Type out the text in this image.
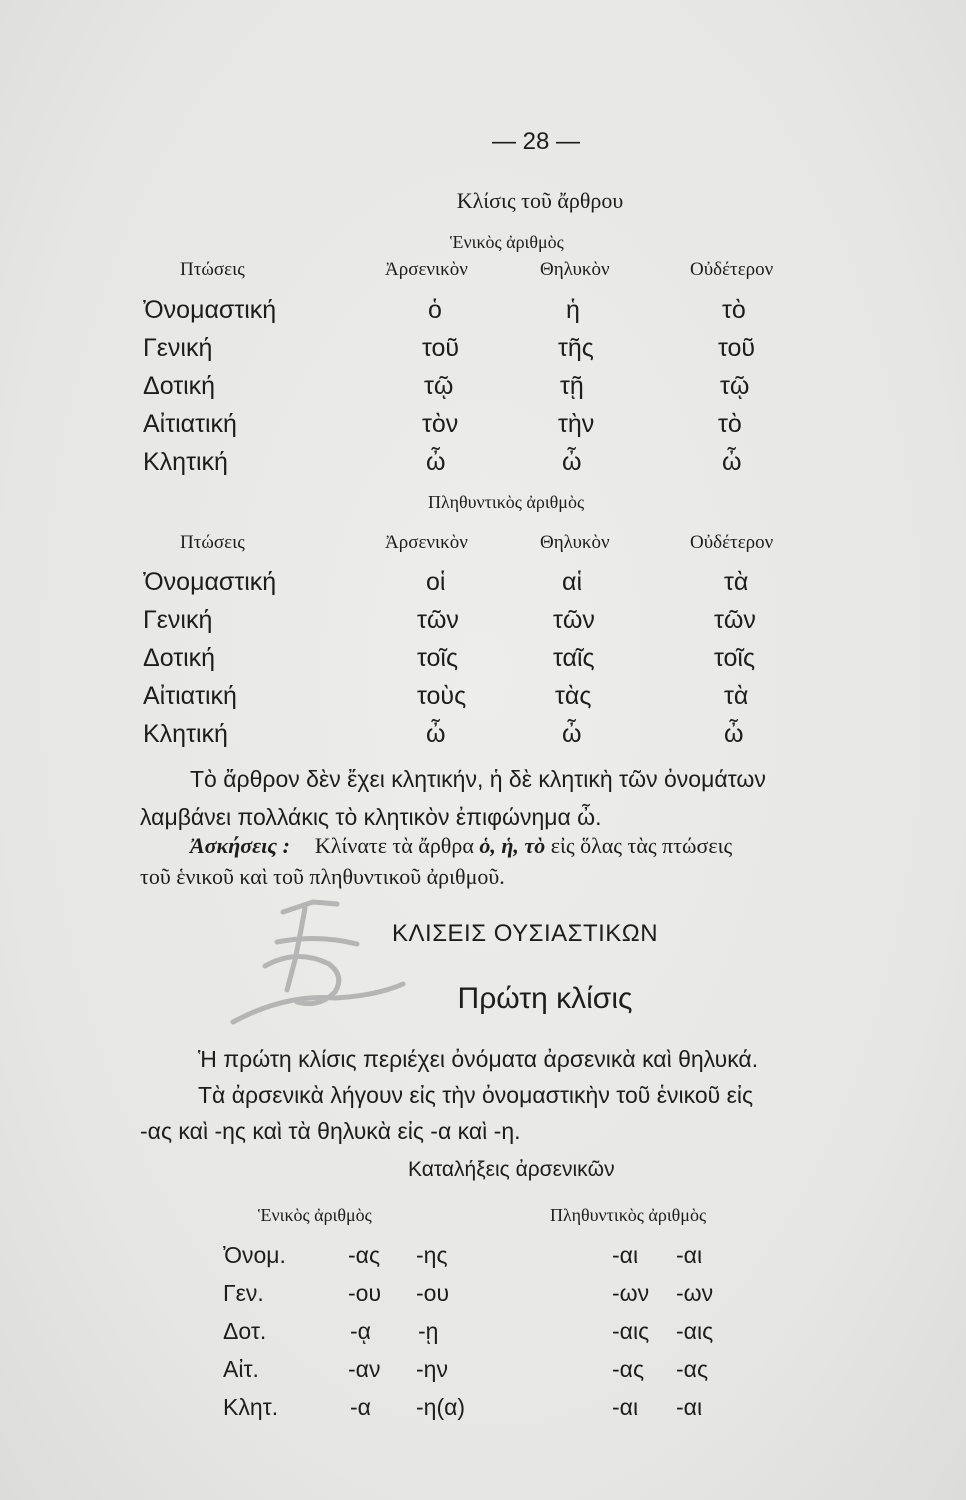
— 28 —
Κλίσις τοῦ ἄρθρου
Ἑνικὸς ἀριθμὸς
Πτώσεις	Ἀρσενικὸν	Θηλυκὸν	Οὐδέτερον
Ὀνομαστική	ὁ	ἡ	τὸ
Γενική	τοῦ	τῆς	τοῦ
Δοτική	τῷ	τῇ	τῷ
Αἰτιατική	τὸν	τὴν	τὸ
Κλητική	ὦ	ὦ	ὦ
Πληθυντικὸς ἀριθμὸς
Πτώσεις	Ἀρσενικὸν	Θηλυκὸν	Οὐδέτερον
Ὀνομαστική	οἱ	αἱ	τὰ
Γενική	τῶν	τῶν	τῶν
Δοτική	τοῖς	ταῖς	τοῖς
Αἰτιατική	τοὺς	τὰς	τὰ
Κλητική	ὦ	ὦ	ὦ
Τὸ ἄρθρον δὲν ἔχει κλητικήν, ἡ δὲ κλητικὴ τῶν ὀνομάτων
λαμβάνει πολλάκις τὸ κλητικὸν ἐπιφώνημα ὦ.
Ἀσκήσεις : Κλίνατε τὰ ἄρθρα ὁ, ἡ, τὸ εἰς ὅλας τὰς πτώσεις
τοῦ ἑνικοῦ καὶ τοῦ πληθυντικοῦ ἀριθμοῦ.
ΚΛΙΣΕΙΣ ΟΥΣΙΑΣΤΙΚΩΝ
Πρώτη κλίσις
Ἡ πρώτη κλίσις περιέχει ὀνόματα ἀρσενικὰ καὶ θηλυκά.
Τὰ ἀρσενικὰ λήγουν εἰς τὴν ὀνομαστικὴν τοῦ ἑνικοῦ εἰς
-ας καὶ -ης καὶ τὰ θηλυκὰ εἰς -α καὶ -η.
Καταλήξεις ἀρσενικῶν
Ἑνικὸς ἀριθμὸς	Πληθυντικὸς ἀριθμὸς
Ὀνομ.	-ας -ης	-αι -αι
Γεν.	-ου -ου	-ων -ων
Δοτ.	-ᾳ -ῃ	-αις -αις
Αἰτ.	-αν -ην	-ας -ας
Κλητ.	-α -η(α)	-αι -αι
